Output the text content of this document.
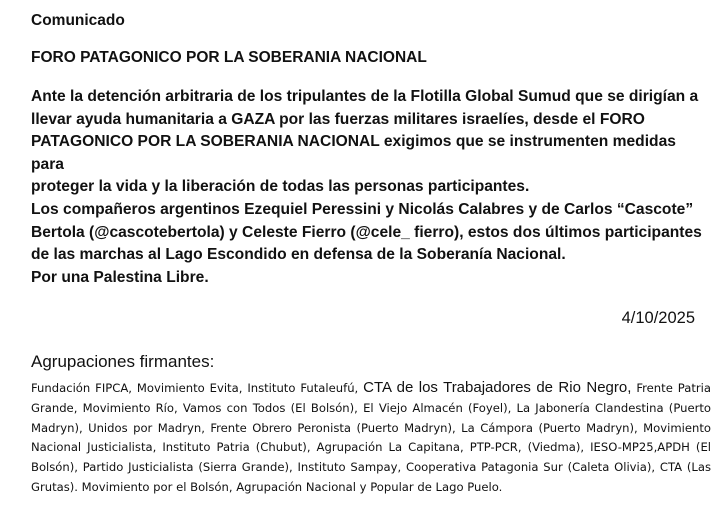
Comunicado

FORO PATAGONICO POR LA SOBERANIA NACIONAL

Ante la detención arbitraria de los tripulantes de la Flotilla Global Sumud que se dirigían a
llevar ayuda humanitaria a GAZA por las fuerzas militares israelíes, desde el FORO
PATAGONICO POR LA SOBERANIA NACIONAL exigimos que se instrumenten medidas para
proteger la vida y la liberación de todas las personas participantes.
Los compañeros argentinos Ezequiel Peressini y Nicolás Calabres y de Carlos “Cascote”
Bertola (@cascotebertola) y Celeste Fierro (@cele_ fierro), estos dos últimos participantes
de las marchas al Lago Escondido en defensa de la Soberanía Nacional.
Por una Palestina Libre.

4/10/2025

Agrupaciones firmantes:

Fundación FIPCA, Movimiento Evita, Instituto Futaleufú, CTA de los Trabajadores de Rio Negro, Frente Patria Grande, Movimiento Río, Vamos con Todos (El Bolsón), El Viejo Almacén (Foyel), La Jabonería Clandestina (Puerto Madryn), Unidos por Madryn, Frente Obrero Peronista (Puerto Madryn), La Cámpora (Puerto Madryn), Movimiento Nacional Justicialista, Instituto Patria (Chubut), Agrupación La Capitana, PTP-PCR, (Viedma), IESO-MP25,APDH (El Bolsón), Partido Justicialista (Sierra Grande), Instituto Sampay, Cooperativa Patagonia Sur (Caleta Olivia), CTA (Las Grutas). Movimiento por el Bolsón, Agrupación Nacional y Popular de Lago Puelo.
